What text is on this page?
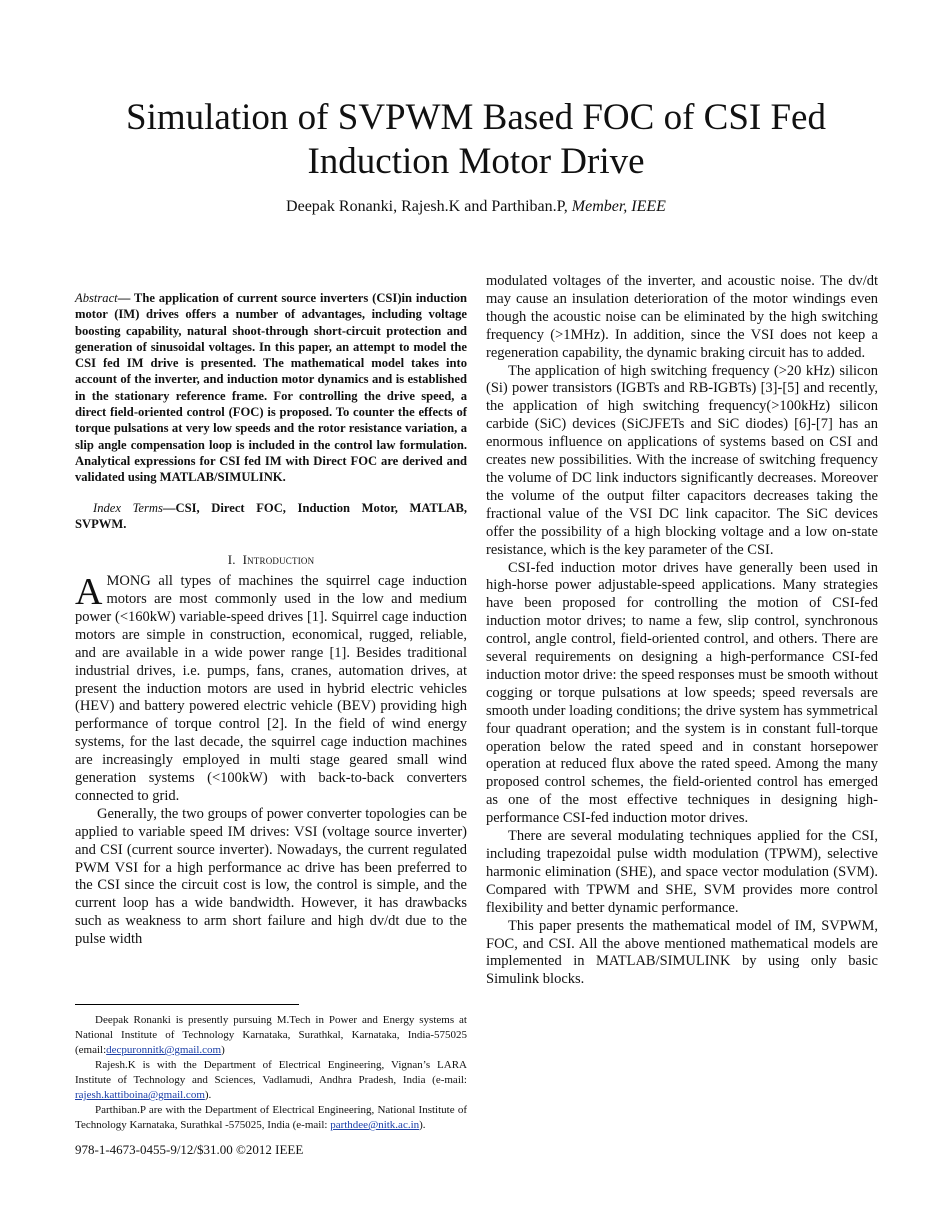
Simulation of SVPWM Based FOC of CSI Fed
Induction Motor Drive
Deepak Ronanki, Rajesh.K and Parthiban.P, Member, IEEE
Abstract— The application of current source inverters (CSI)in induction motor (IM) drives offers a number of advantages, including voltage boosting capability, natural shoot-through short-circuit protection and generation of sinusoidal voltages. In this paper, an attempt to model the CSI fed IM drive is presented. The mathematical model takes into account of the inverter, and induction motor dynamics and is established in the stationary reference frame. For controlling the drive speed, a direct field-oriented control (FOC) is proposed. To counter the effects of torque pulsations at very low speeds and the rotor resistance variation, a slip angle compensation loop is included in the control law formulation. Analytical expressions for CSI fed IM with Direct FOC are derived and validated using MATLAB/SIMULINK.
Index Terms—CSI, Direct FOC, Induction Motor, MATLAB, SVPWM.
I. Introduction

AMONG all types of machines the squirrel cage induction motors are most commonly used in the low and medium power (<160kW) variable-speed drives [1]. Squirrel cage induction motors are simple in construction, economical, rugged, reliable, and are available in a wide power range [1]. Besides traditional industrial drives, i.e. pumps, fans, cranes, automation drives, at present the induction motors are used in hybrid electric vehicles (HEV) and battery powered electric vehicle (BEV) providing high performance of torque control [2]. In the field of wind energy systems, for the last decade, the squirrel cage induction machines are increasingly employed in multi stage geared small wind generation systems (<100kW) with back-to-back converters connected to grid.

Generally, the two groups of power converter topologies can be applied to variable speed IM drives: VSI (voltage source inverter) and CSI (current source inverter). Nowadays, the current regulated PWM VSI for a high performance ac drive has been preferred to the CSI since the circuit cost is low, the control is simple, and the current loop has a wide bandwidth. However, it has drawbacks such as weakness to arm short failure and high dv/dt due to the pulse width

modulated voltages of the inverter, and acoustic noise. The dv/dt may cause an insulation deterioration of the motor windings even though the acoustic noise can be eliminated by the high switching frequency (>1MHz). In addition, since the VSI does not keep a regeneration capability, the dynamic braking circuit has to added.

The application of high switching frequency (>20 kHz) silicon (Si) power transistors (IGBTs and RB-IGBTs) [3]-[5] and recently, the application of high switching frequency(>100kHz) silicon carbide (SiC) devices (SiCJFETs and SiC diodes) [6]-[7] has an enormous influence on applications of systems based on CSI and creates new possibilities. With the increase of switching frequency the volume of DC link inductors significantly decreases. Moreover the volume of the output filter capacitors decreases taking the fractional value of the VSI DC link capacitor. The SiC devices offer the possibility of a high blocking voltage and a low on-state resistance, which is the key parameter of the CSI.

CSI-fed induction motor drives have generally been used in high-horse power adjustable-speed applications. Many strategies have been proposed for controlling the motion of CSI-fed induction motor drives; to name a few, slip control, synchronous control, angle control, field-oriented control, and others. There are several requirements on designing a high-performance CSI-fed induction motor drive: the speed responses must be smooth without cogging or torque pulsations at low speeds; speed reversals are smooth under loading conditions; the drive system has symmetrical four quadrant operation; and the system is in constant full-torque operation below the rated speed and in constant horsepower operation at reduced flux above the rated speed. Among the many proposed control schemes, the field-oriented control has emerged as one of the most effective techniques in designing high-performance CSI-fed induction motor drives.

There are several modulating techniques applied for the CSI, including trapezoidal pulse width modulation (TPWM), selective harmonic elimination (SHE), and space vector modulation (SVM). Compared with TPWM and SHE, SVM provides more control flexibility and better dynamic performance.

This paper presents the mathematical model of IM, SVPWM, FOC, and CSI. All the above mentioned mathematical models are implemented in MATLAB/SIMULINK by using only basic Simulink blocks.

Deepak Ronanki is presently pursuing M.Tech in Power and Energy systems at National Institute of Technology Karnataka, Surathkal, Karnataka, India-575025 (email:decpuronnitk@gmail.com)

Rajesh.K is with the Department of Electrical Engineering, Vignan’s LARA Institute of Technology and Sciences, Vadlamudi, Andhra Pradesh, India (e-mail: rajesh.kattiboina@gmail.com).

Parthiban.P are with the Department of Electrical Engineering, National Institute of Technology Karnataka, Surathkal -575025, India (e-mail: parthdee@nitk.ac.in).

978-1-4673-0455-9/12/$31.00 ©2012 IEEE
